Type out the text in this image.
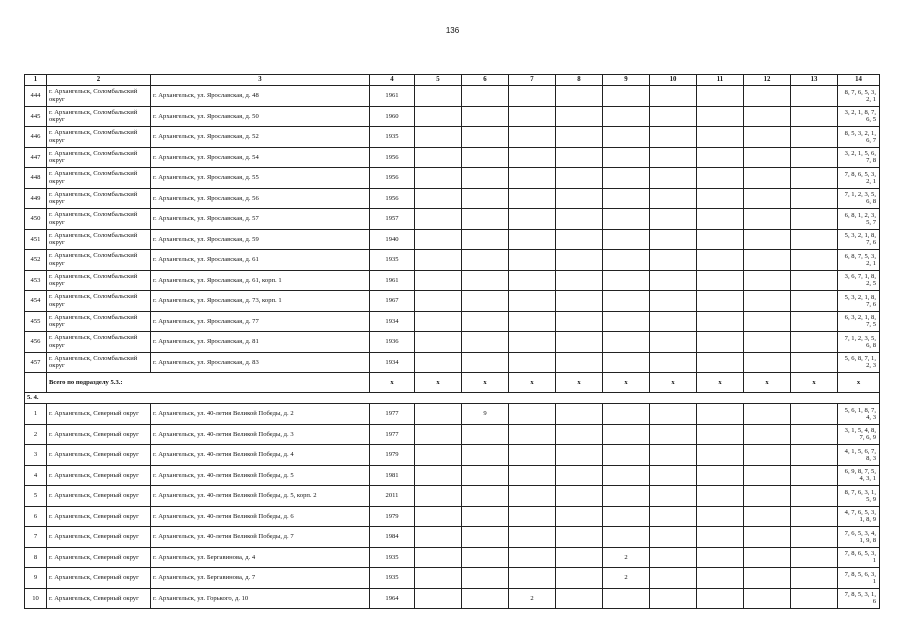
136
1	2	3	4	5	6	7	8	9	10	11	12	13	14
444	г. Архангельск, Соломбальский округ	г. Архангельск, ул. Ярославская, д. 48	1961										8, 7, 6, 5, 3, 2, 1
445	г. Архангельск, Соломбальский округ	г. Архангельск, ул. Ярославская, д. 50	1960										3, 2, 1, 8, 7, 6, 5
446	г. Архангельск, Соломбальский округ	г. Архангельск, ул. Ярославская, д. 52	1935										8, 5, 3, 2, 1, 6, 7
447	г. Архангельск, Соломбальский округ	г. Архангельск, ул. Ярославская, д. 54	1956										3, 2, 1, 5, 6, 7, 8
448	г. Архангельск, Соломбальский округ	г. Архангельск, ул. Ярославская, д. 55	1956										7, 8, 6, 5, 3, 2, 1
449	г. Архангельск, Соломбальский округ	г. Архангельск, ул. Ярославская, д. 56	1956										7, 1, 2, 3, 5, 6, 8
450	г. Архангельск, Соломбальский округ	г. Архангельск, ул. Ярославская, д. 57	1957										6, 8, 1, 2, 3, 5, 7
451	г. Архангельск, Соломбальский округ	г. Архангельск, ул. Ярославская, д. 59	1940										5, 3, 2, 1, 8, 7, 6
452	г. Архангельск, Соломбальский округ	г. Архангельск, ул. Ярославская, д. 61	1935										6, 8, 7, 5, 3, 2, 1
453	г. Архангельск, Соломбальский округ	г. Архангельск, ул. Ярославская, д. 61, корп. 1	1961										3, 6, 7, 1, 8, 2, 5
454	г. Архангельск, Соломбальский округ	г. Архангельск, ул. Ярославская, д. 73, корп. 1	1967										5, 3, 2, 1, 8, 7, 6
455	г. Архангельск, Соломбальский округ	г. Архангельск, ул. Ярославская, д. 77	1934										6, 3, 2, 1, 8, 7, 5
456	г. Архангельск, Соломбальский округ	г. Архангельск, ул. Ярославская, д. 81	1936										7, 1, 2, 3, 5, 6, 8
457	г. Архангельск, Соломбальский округ	г. Архангельск, ул. Ярославская, д. 83	1934										5, 6, 8, 7, 1, 2, 3
	Всего по подразделу 5.3.:		x	x	x	x	x	x	x	x	x	x	x
5. 4.													
1	г. Архангельск, Северный округ	г. Архангельск, ул. 40-летия Великой Победы, д. 2	1977		9								5, 6, 1, 8, 7, 4, 3
2	г. Архангельск, Северный округ	г. Архангельск, ул. 40-летия Великой Победы, д. 3	1977										3, 1, 5, 4, 8, 7, 6, 9
3	г. Архангельск, Северный округ	г. Архангельск, ул. 40-летия Великой Победы, д. 4	1979										4, 1, 5, 6, 7, 8, 3
4	г. Архангельск, Северный округ	г. Архангельск, ул. 40-летия Великой Победы, д. 5	1981										6, 9, 8, 7, 5, 4, 3, 1
5	г. Архангельск, Северный округ	г. Архангельск, ул. 40-летия Великой Победы, д. 5, корп. 2	2011										8, 7, 6, 3, 1, 5, 9
6	г. Архангельск, Северный округ	г. Архангельск, ул. 40-летия Великой Победы, д. 6	1979										4, 7, 6, 5, 3, 1, 8, 9
7	г. Архангельск, Северный округ	г. Архангельск, ул. 40-летия Великой Победы, д. 7	1984										7, 6, 5, 3, 4, 1, 9, 8
8	г. Архангельск, Северный округ	г. Архангельск, ул. Бергавинова, д. 4	1935					2					7, 8, 6, 5, 3, 1
9	г. Архангельск, Северный округ	г. Архангельск, ул. Бергавинова, д. 7	1935					2					7, 8, 5, 6, 3, 1
10	г. Архангельск, Северный округ	г. Архангельск, ул. Горького, д. 10	1964			2							7, 8, 5, 3, 1, 6
